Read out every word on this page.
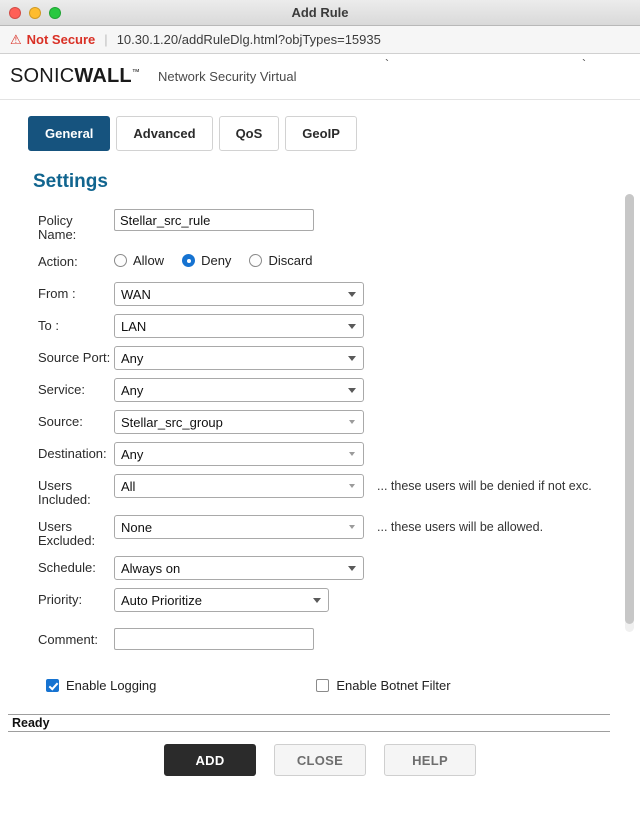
Add Rule
⚠ Not Secure | 10.30.1.20/addRuleDlg.html?objTypes=15935
SONICWALL™ Network Security Virtual
General	Advanced	QoS	GeoIP
Settings
Policy Name:
Stellar_src_rule
Action:	Allow	Deny	Discard
From :	WAN
To :	LAN
Source Port: Any
`
Service:	Any
Source:	Stellar_src_group
Destination:	Any
Users Included:
All	... these users will be denied if not exc.
Users Excluded:
None	... these users will be allowed.
`
Schedule:	Always on
Priority:	Auto Prioritize
Comment:
Enable Logging	Enable Botnet Filter
Ready
ADD	CLOSE	HELP
